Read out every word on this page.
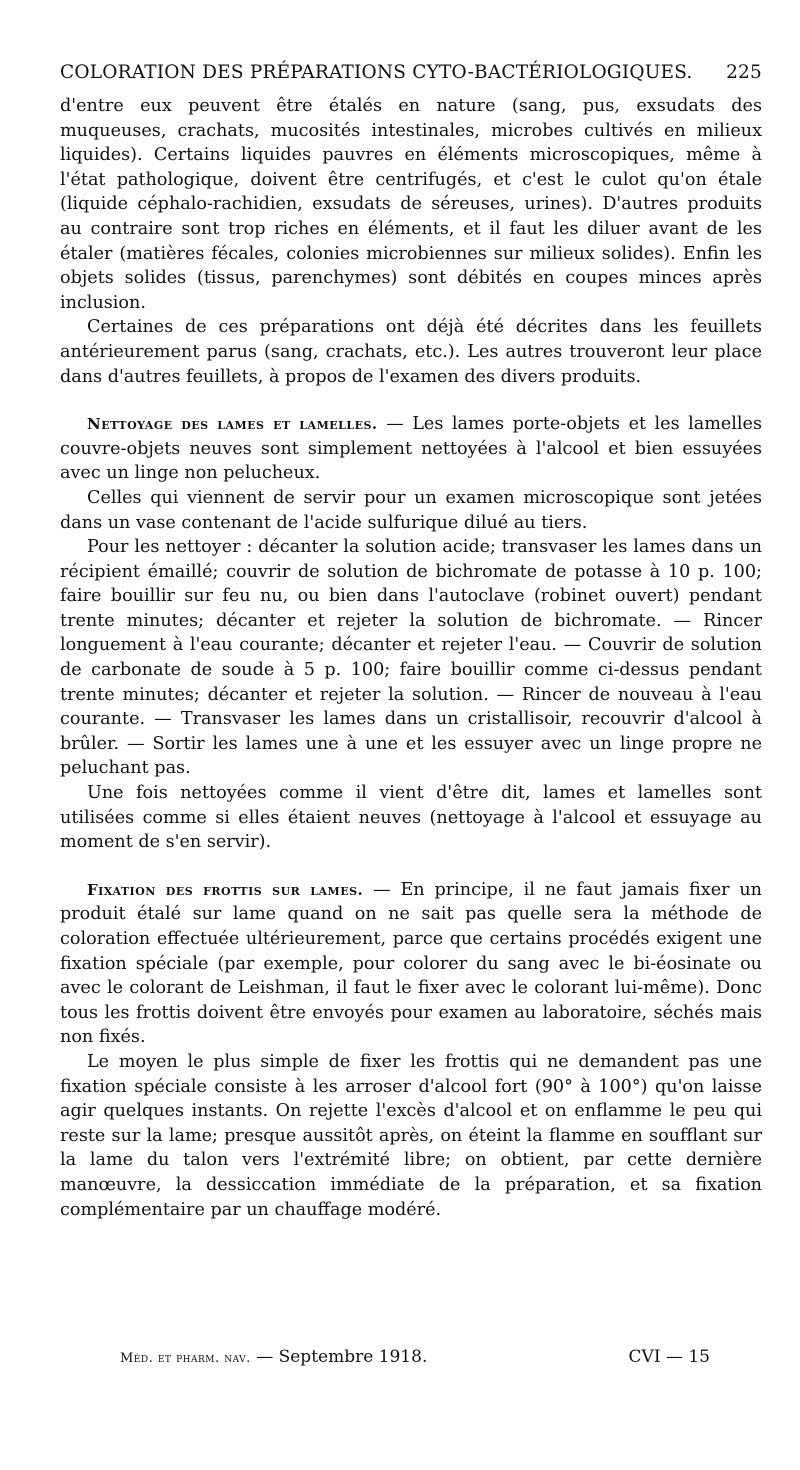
COLORATION DES PRÉPARATIONS CYTO-BACTÉRIOLOGIQUES. 225

d'entre eux peuvent être étalés en nature (sang, pus, exsudats des muqueuses, crachats, mucosités intestinales, microbes cultivés en milieux liquides). Certains liquides pauvres en éléments microscopiques, même à l'état pathologique, doivent être centrifugés, et c'est le culot qu'on étale (liquide céphalo-rachidien, exsudats de séreuses, urines). D'autres produits au contraire sont trop riches en éléments, et il faut les diluer avant de les étaler (matières fécales, colonies microbiennes sur milieux solides). Enfin les objets solides (tissus, parenchymes) sont débités en coupes minces après inclusion.

Certaines de ces préparations ont déjà été décrites dans les feuillets antérieurement parus (sang, crachats, etc.). Les autres trouveront leur place dans d'autres feuillets, à propos de l'examen des divers produits.

Nettoyage des lames et lamelles. — Les lames porte-objets et les lamelles couvre-objets neuves sont simplement nettoyées à l'alcool et bien essuyées avec un linge non pelucheux.

Celles qui viennent de servir pour un examen microscopique sont jetées dans un vase contenant de l'acide sulfurique dilué au tiers.

Pour les nettoyer : décanter la solution acide; transvaser les lames dans un récipient émaillé; couvrir de solution de bichromate de potasse à 10 p. 100; faire bouillir sur feu nu, ou bien dans l'autoclave (robinet ouvert) pendant trente minutes; décanter et rejeter la solution de bichromate. — Rincer longuement à l'eau courante; décanter et rejeter l'eau. — Couvrir de solution de carbonate de soude à 5 p. 100; faire bouillir comme ci-dessus pendant trente minutes; décanter et rejeter la solution. — Rincer de nouveau à l'eau courante. — Transvaser les lames dans un cristallisoir, recouvrir d'alcool à brûler. — Sortir les lames une à une et les essuyer avec un linge propre ne peluchant pas.

Une fois nettoyées comme il vient d'être dit, lames et lamelles sont utilisées comme si elles étaient neuves (nettoyage à l'alcool et essuyage au moment de s'en servir).

Fixation des frottis sur lames. — En principe, il ne faut jamais fixer un produit étalé sur lame quand on ne sait pas quelle sera la méthode de coloration effectuée ultérieurement, parce que certains procédés exigent une fixation spéciale (par exemple, pour colorer du sang avec le bi-éosinate ou avec le colorant de Leishman, il faut le fixer avec le colorant lui-même). Donc tous les frottis doivent être envoyés pour examen au laboratoire, séchés mais non fixés.

Le moyen le plus simple de fixer les frottis qui ne demandent pas une fixation spéciale consiste à les arroser d'alcool fort (90° à 100°) qu'on laisse agir quelques instants. On rejette l'excès d'alcool et on enflamme le peu qui reste sur la lame; presque aussitôt après, on éteint la flamme en soufflant sur la lame du talon vers l'extrémité libre; on obtient, par cette dernière manœuvre, la dessiccation immédiate de la préparation, et sa fixation complémentaire par un chauffage modéré.

Méd. et pharm. nav. — Septembre 1918.	CVI — 15
